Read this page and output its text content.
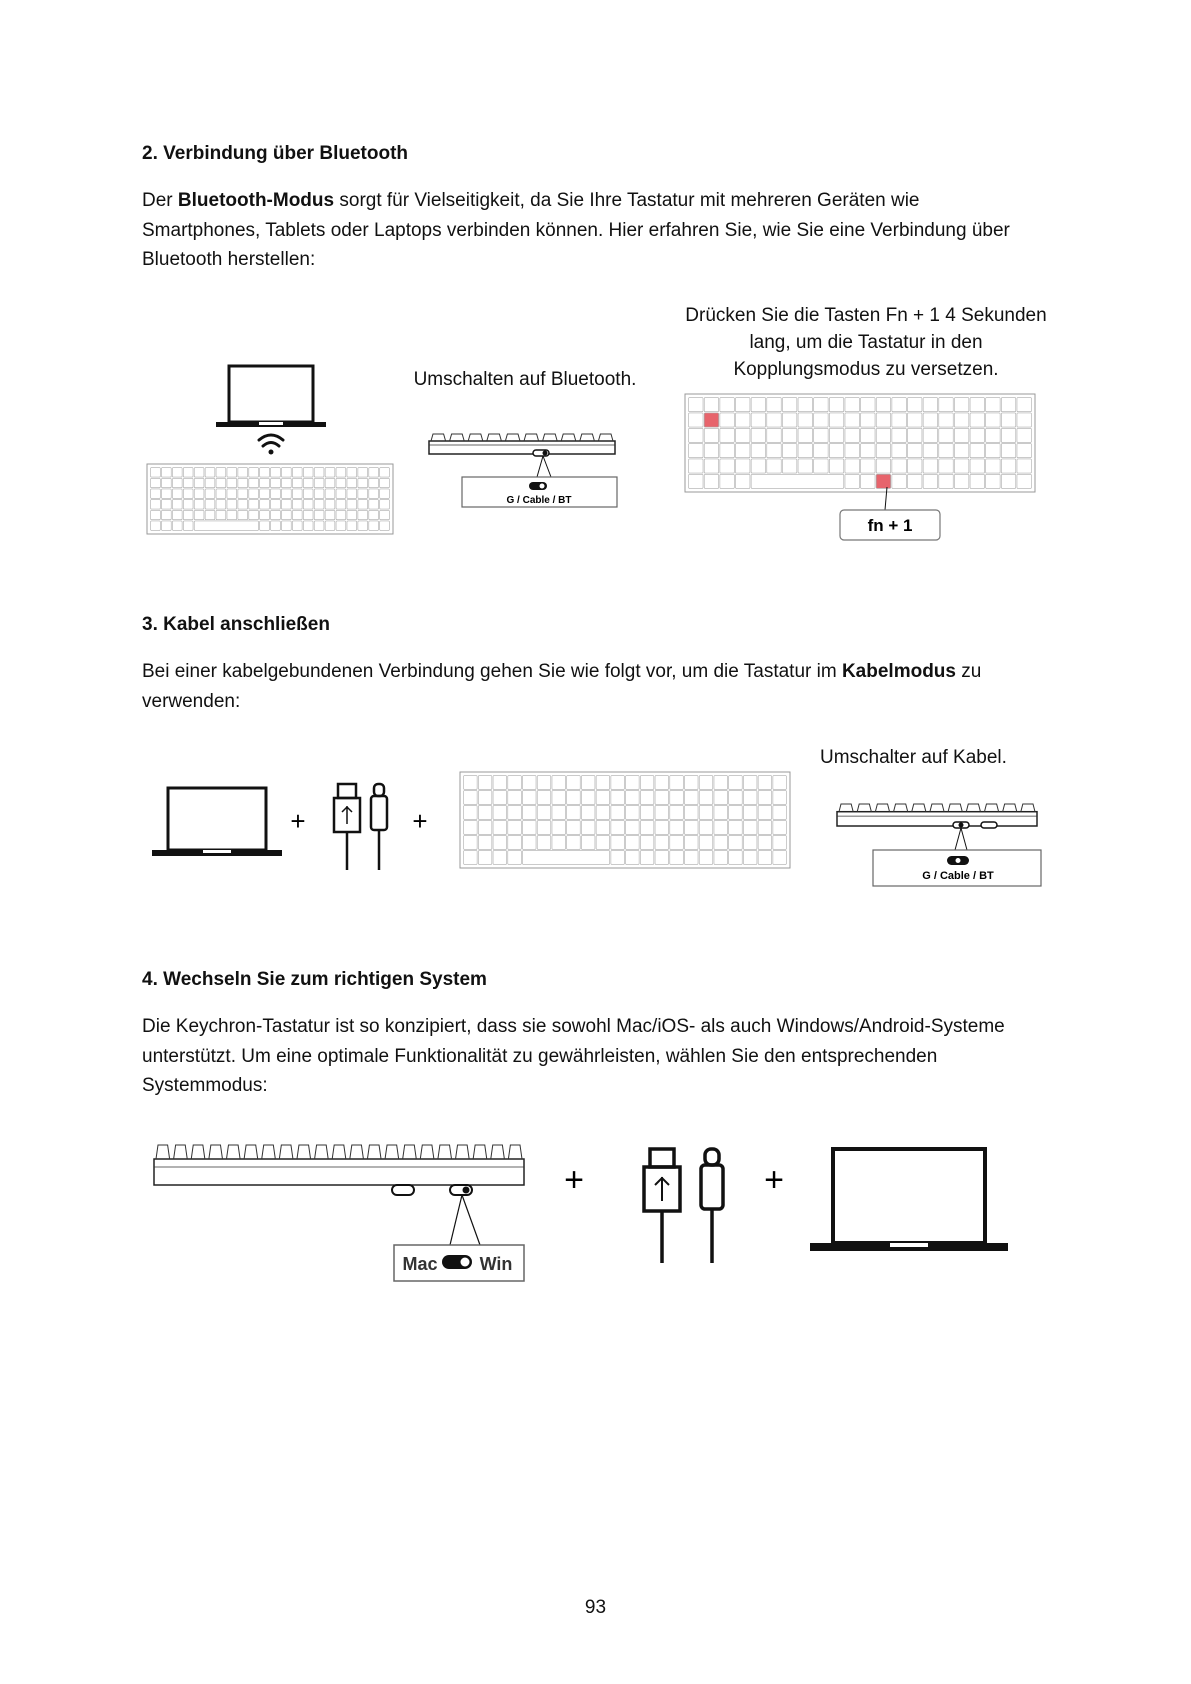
2. Verbindung über Bluetooth

Der Bluetooth-Modus sorgt für Vielseitigkeit, da Sie Ihre Tastatur mit mehreren Geräten wie Smartphones, Tablets oder Laptops verbinden können. Hier erfahren Sie, wie Sie eine Verbindung über Bluetooth herstellen:

Umschalten auf Bluetooth.
G / Cable / BT
Drücken Sie die Tasten Fn + 1 4 Sekunden lang, um die Tastatur in den Kopplungsmodus zu versetzen.
fn + 1
3. Kabel anschließen

Bei einer kabelgebundenen Verbindung gehen Sie wie folgt vor, um die Tastatur im Kabelmodus zu verwenden:

Umschalter auf Kabel.
+	+
G / Cable / BT
4. Wechseln Sie zum richtigen System

Die Keychron-Tastatur ist so konzipiert, dass sie sowohl Mac/iOS- als auch Windows/Android-Systeme unterstützt. Um eine optimale Funktionalität zu gewährleisten, wählen Sie den entsprechenden Systemmodus:

Mac Win
+	+
93
